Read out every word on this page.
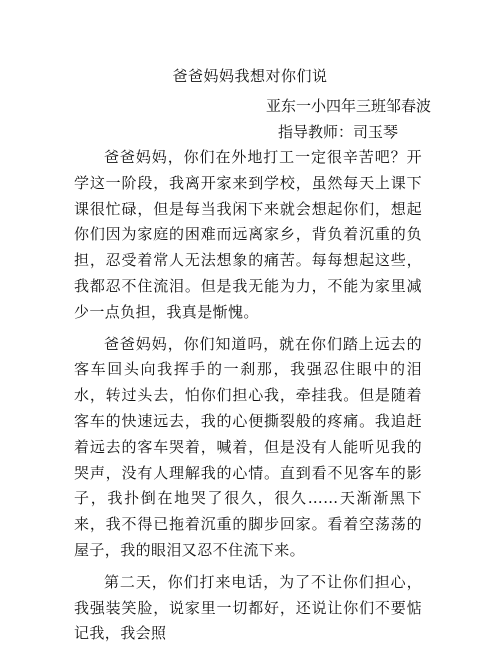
爸爸妈妈我想对你们说
亚东一小四年三班邹春波
指导教师：司玉琴

爸爸妈妈，你们在外地打工一定很辛苦吧？开学这一阶段，我离开家来到学校，虽然每天上课下课很忙碌，但是每当我闲下来就会想起你们，想起你们因为家庭的困难而远离家乡，背负着沉重的负担，忍受着常人无法想象的痛苦。每每想起这些，我都忍不住流泪。但是我无能为力，不能为家里减少一点负担，我真是惭愧。

爸爸妈妈，你们知道吗，就在你们踏上远去的客车回头向我挥手的一刹那，我强忍住眼中的泪水，转过头去，怕你们担心我，牵挂我。但是随着客车的快速远去，我的心便撕裂般的疼痛。我追赶着远去的客车哭着，喊着，但是没有人能听见我的哭声，没有人理解我的心情。直到看不见客车的影子，我扑倒在地哭了很久，很久……天渐渐黑下来，我不得已拖着沉重的脚步回家。看着空荡荡的屋子，我的眼泪又忍不住流下来。

第二天，你们打来电话，为了不让你们担心，我强装笑脸，说家里一切都好，还说让你们不要惦记我，我会照
